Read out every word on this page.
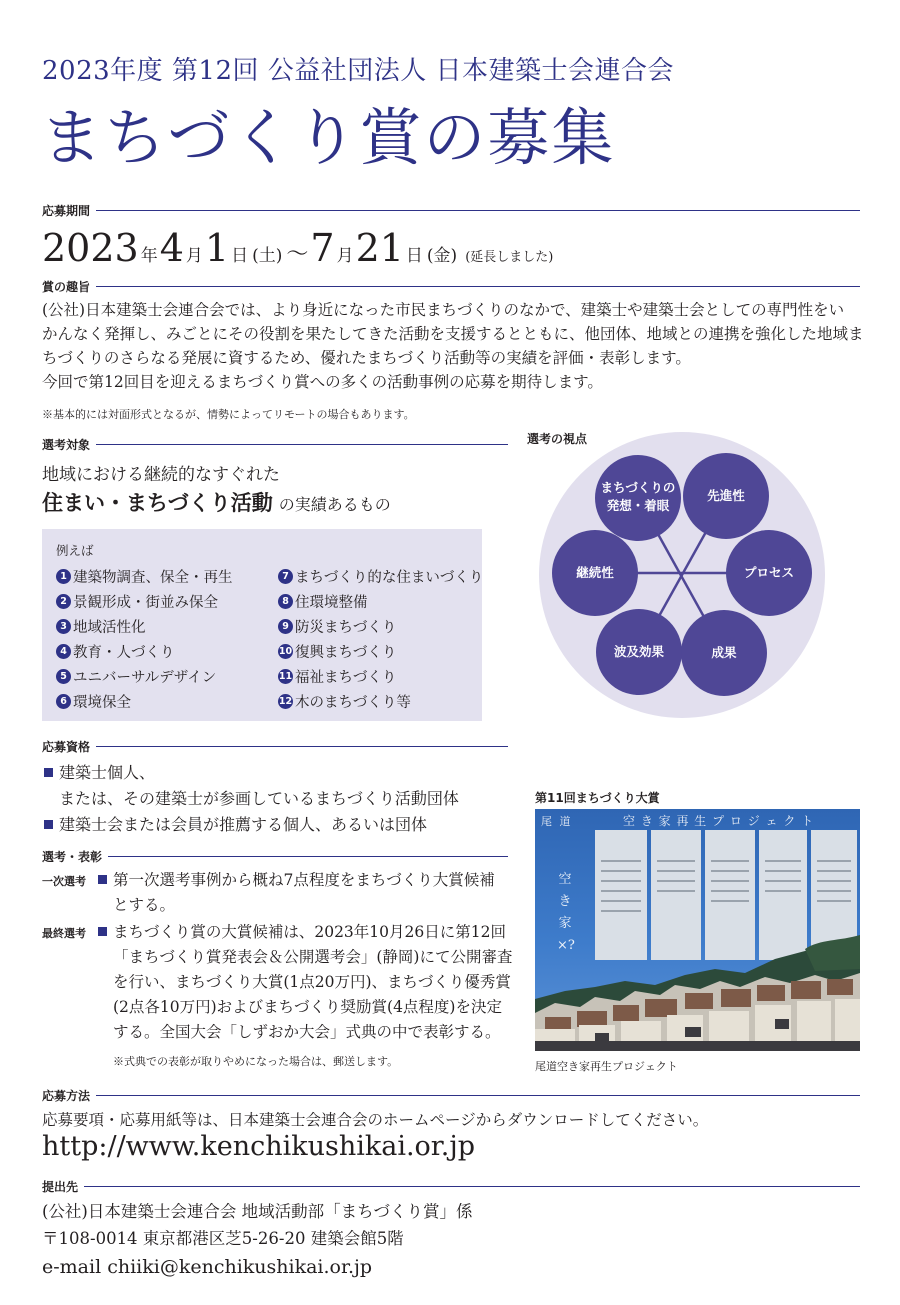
2023年度 第12回 公益社団法人 日本建築士会連合会
まちづくり賞の募集
応募期間
2023 年 4 月 1 日 (土) ～ 7 月 21 日 (金) (延長しました)
賞の趣旨
(公社)日本建築士会連合会では、より身近になった市民まちづくりのなかで、建築士や建築士会としての専門性をい
かんなく発揮し、みごとにその役割を果たしてきた活動を支援するとともに、他団体、地域との連携を強化した地域ま
ちづくりのさらなる発展に資するため、優れたまちづくり活動等の実績を評価・表彰します。
今回で第12回目を迎えるまちづくり賞への多くの活動事例の応募を期待します。
※基本的には対面形式となるが、情勢によってリモートの場合もあります。
選考対象
地域における継続的なすぐれた
住まい・まちづくり活動 の実績あるもの
例えば
1 建築物調査、保全・再生
2 景観形成・街並み保全
3 地域活性化
4 教育・人づくり
5 ユニバーサルデザイン
6 環境保全
7 まちづくり的な住まいづくり
8 住環境整備
9 防災まちづくり
10 復興まちづくり
11 福祉まちづくり
12 木のまちづくり等
選考の視点
まちづくりの
発想・着眼
先進性
プロセス
成果
波及効果
継続性
応募資格
建築士個人、
または、その建築士が参画しているまちづくり活動団体
建築士会または会員が推薦する個人、あるいは団体
選考・表彰
一次選考	第一次選考事例から概ね7点程度をまちづくり大賞候補
とする。
最終選考	まちづくり賞の大賞候補は、2023年10月26日に第12回
「まちづくり賞発表会＆公開選考会」(静岡)にて公開審査
を行い、まちづくり大賞(1点20万円)、まちづくり優秀賞
(2点各10万円)およびまちづくり奨励賞(4点程度)を決定
する。全国大会「しずおか大会」式典の中で表彰する。
※式典での表彰が取りやめになった場合は、郵送します。
第11回まちづくり大賞
尾 道	空 き 家 再 生 プ ロ ジ ェ ク ト
空き家×?
尾道空き家再生プロジェクト
応募方法
応募要項・応募用紙等は、日本建築士会連合会のホームページからダウンロードしてください。
http://www.kenchikushikai.or.jp
提出先
(公社)日本建築士会連合会 地域活動部「まちづくり賞」係
〒108-0014 東京都港区芝5-26-20 建築会館5階
e-mail chiiki@kenchikushikai.or.jp
